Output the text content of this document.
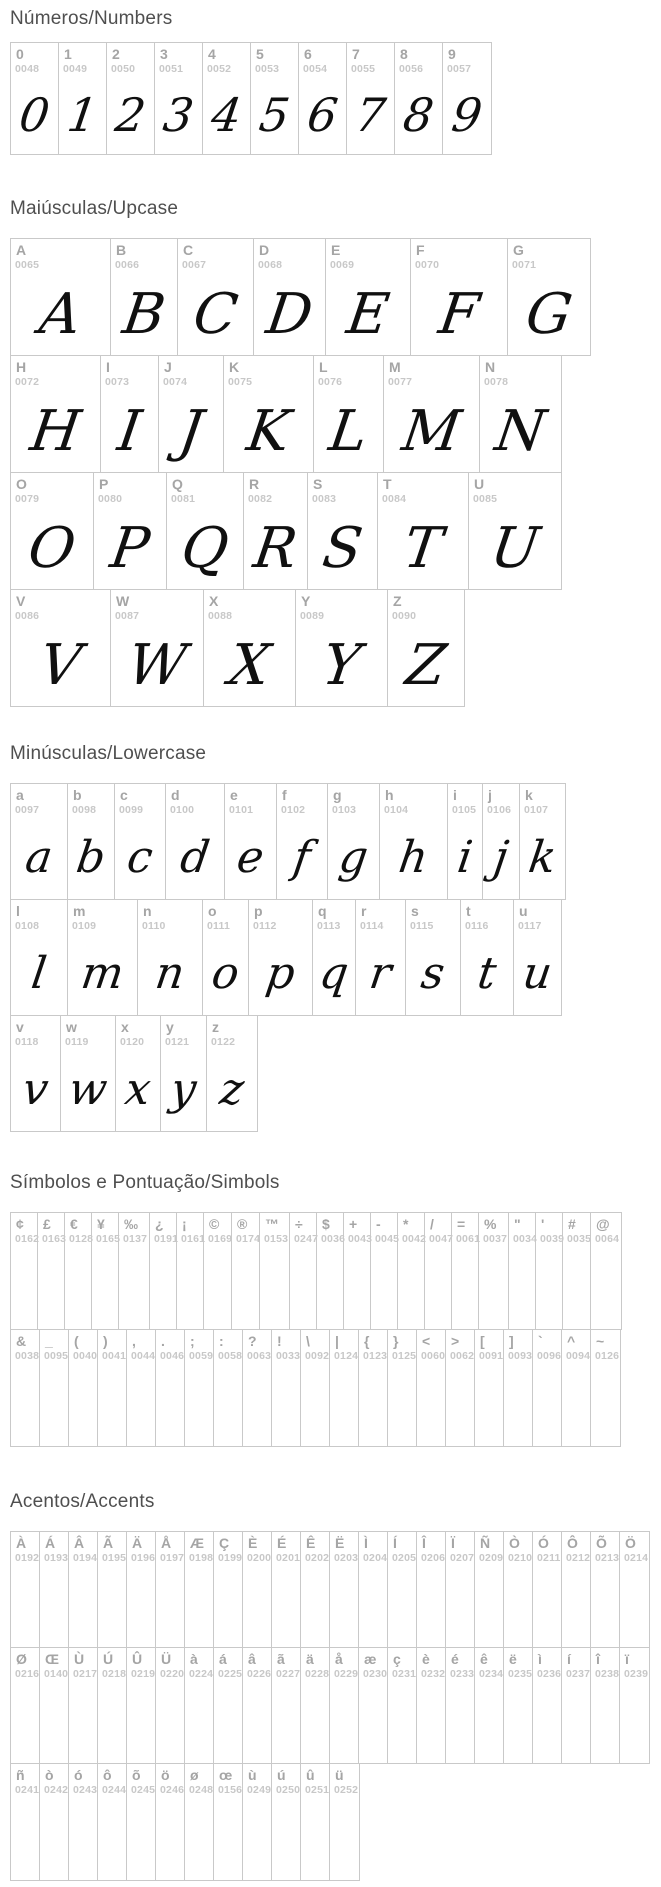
Números/Numbers
0
0048
0
1
0049
1
2
0050
2
3
0051
3
4
0052
4
5
0053
5
6
0054
6
7
0055
7
8
0056
8
9
0057
9
Maiúsculas/Upcase
A
0065
A
B
0066
B
C
0067
C
D
0068
D
E
0069
E
F
0070
F
G
0071
G
H
0072
H
I
0073
I
J
0074
J
K
0075
K
L
0076
L
M
0077
M
N
0078
N
O
0079
O
P
0080
P
Q
0081
Q
R
0082
R
S
0083
S
T
0084
T
U
0085
U
V
0086
V
W
0087
W
X
0088
X
Y
0089
Y
Z
0090
Z
Minúsculas/Lowercase
a
0097
a
b
0098
b
c
0099
c
d
0100
d
e
0101
e
f
0102
f
g
0103
g
h
0104
h
i
0105
i
j
0106
j
k
0107
k
l
0108
l
m
0109
m
n
0110
n
o
0111
o
p
0112
p
q
0113
q
r
0114
r
s
0115
s
t
0116
t
u
0117
u
v
0118
v
w
0119
w
x
0120
x
y
0121
y
z
0122
z
Símbolos e Pontuação/Simbols
¢
0162
£
0163
€
0128
¥
0165
‰
0137
¿
0191
¡
0161
©
0169
®
0174
™
0153
÷
0247
$
0036
+
0043
-
0045
*
0042
/
0047
=
0061
%
0037
"
0034
'
0039
#
0035
@
0064
&
0038
_
0095
(
0040
)
0041
,
0044
.
0046
;
0059
:
0058
?
0063
!
0033
\
0092
|
0124
{
0123
}
0125
<
0060
>
0062
[
0091
]
0093
`
0096
^
0094
~
0126
Acentos/Accents
À
0192
Á
0193
Â
0194
Ã
0195
Ä
0196
Å
0197
Æ
0198
Ç
0199
È
0200
É
0201
Ê
0202
Ë
0203
Ì
0204
Í
0205
Î
0206
Ï
0207
Ñ
0209
Ò
0210
Ó
0211
Ô
0212
Õ
0213
Ö
0214
Ø
0216
Œ
0140
Ù
0217
Ú
0218
Û
0219
Ü
0220
à
0224
á
0225
â
0226
ã
0227
ä
0228
å
0229
æ
0230
ç
0231
è
0232
é
0233
ê
0234
ë
0235
ì
0236
í
0237
î
0238
ï
0239
ñ
0241
ò
0242
ó
0243
ô
0244
õ
0245
ö
0246
ø
0248
œ
0156
ù
0249
ú
0250
û
0251
ü
0252
